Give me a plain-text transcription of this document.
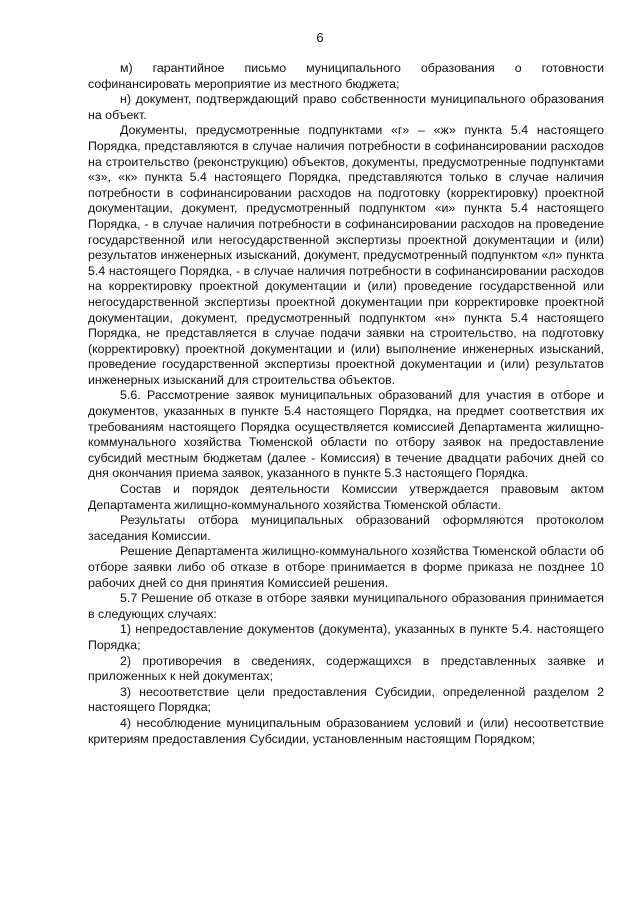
6

м) гарантийное письмо муниципального образования о готовности софинансировать мероприятие из местного бюджета;

н) документ, подтверждающий право собственности муниципального образования на объект.

Документы, предусмотренные подпунктами «г» – «ж» пункта 5.4 настоящего Порядка, представляются в случае наличия потребности в софинансировании расходов на строительство (реконструкцию) объектов, документы, предусмотренные подпунктами «з», «к» пункта 5.4 настоящего Порядка, представляются только в случае наличия потребности в софинансировании расходов на подготовку (корректировку) проектной документации, документ, предусмотренный подпунктом «и» пункта 5.4 настоящего Порядка, - в случае наличия потребности в софинансировании расходов на проведение государственной или негосударственной экспертизы проектной документации и (или) результатов инженерных изысканий, документ, предусмотренный подпунктом «л» пункта 5.4 настоящего Порядка, - в случае наличия потребности в софинансировании расходов на корректировку проектной документации и (или) проведение государственной или негосударственной экспертизы проектной документации при корректировке проектной документации, документ, предусмотренный подпунктом «н» пункта 5.4 настоящего Порядка, не представляется в случае подачи заявки на строительство, на подготовку (корректировку) проектной документации и (или) выполнение инженерных изысканий, проведение государственной экспертизы проектной документации и (или) результатов инженерных изысканий для строительства объектов.

5.6. Рассмотрение заявок муниципальных образований для участия в отборе и документов, указанных в пункте 5.4 настоящего Порядка, на предмет соответствия их требованиям настоящего Порядка осуществляется комиссией Департамента жилищно-коммунального хозяйства Тюменской области по отбору заявок на предоставление субсидий местным бюджетам (далее - Комиссия) в течение двадцати рабочих дней со дня окончания приема заявок, указанного в пункте 5.3 настоящего Порядка.

Состав и порядок деятельности Комиссии утверждается правовым актом Департамента жилищно-коммунального хозяйства Тюменской области.

Результаты отбора муниципальных образований оформляются протоколом заседания Комиссии.

Решение Департамента жилищно-коммунального хозяйства Тюменской области об отборе заявки либо об отказе в отборе принимается в форме приказа не позднее 10 рабочих дней со дня принятия Комиссией решения.

5.7 Решение об отказе в отборе заявки муниципального образования принимается в следующих случаях:

1) непредоставление документов (документа), указанных в пункте 5.4. настоящего Порядка;

2) противоречия в сведениях, содержащихся в представленных заявке и приложенных к ней документах;

3) несоответствие цели предоставления Субсидии, определенной разделом 2 настоящего Порядка;

4) несоблюдение муниципальным образованием условий и (или) несоответствие критериям предоставления Субсидии, установленным настоящим Порядком;
